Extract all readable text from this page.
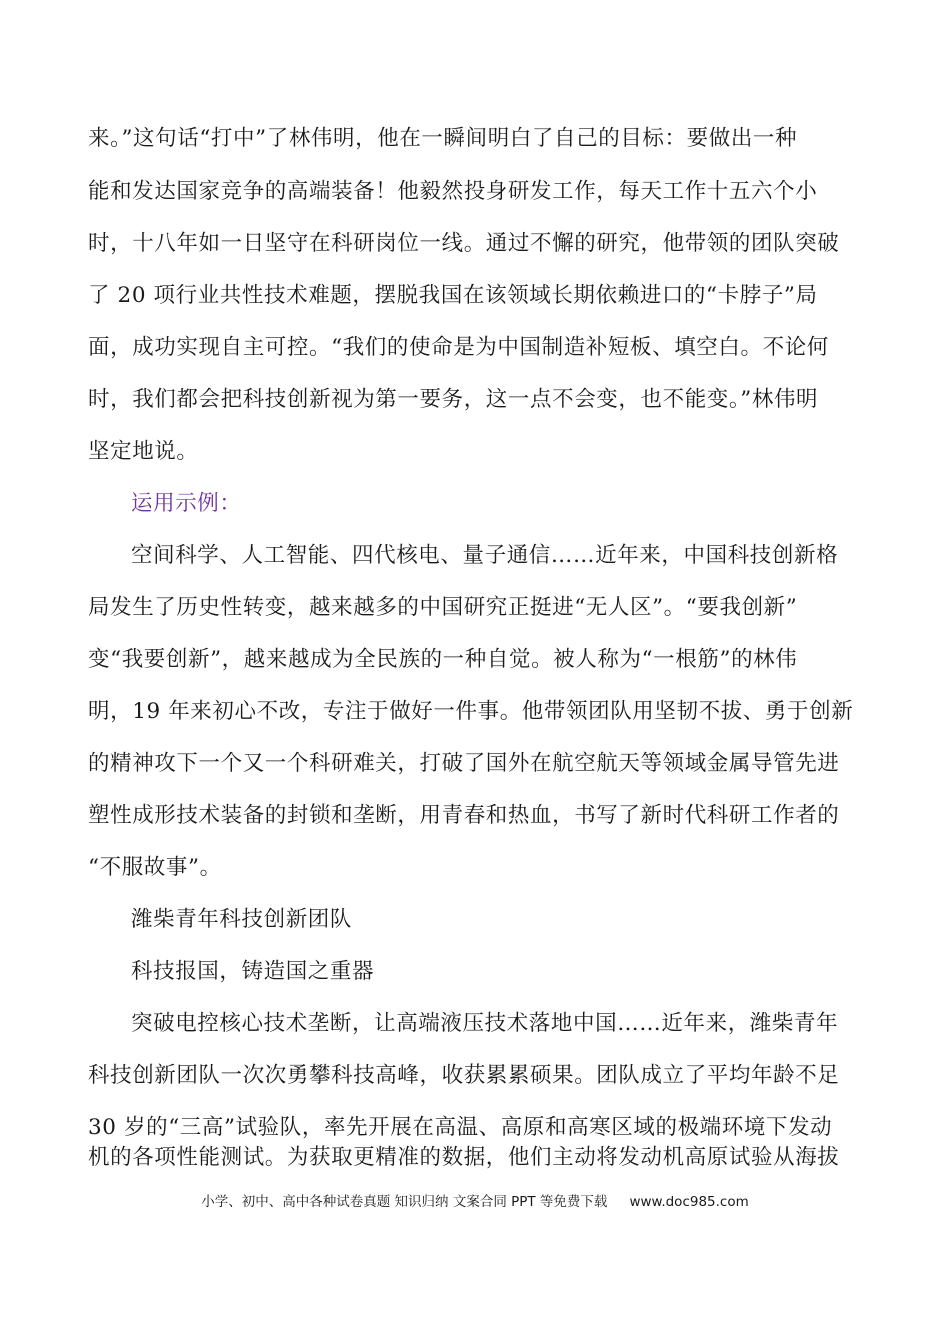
来。”这句话“打中”了林伟明，他在一瞬间明白了自己的目标：要做出一种
能和发达国家竞争的高端装备！他毅然投身研发工作，每天工作十五六个小
时，十八年如一日坚守在科研岗位一线。通过不懈的研究，他带领的团队突破
了 20 项行业共性技术难题，摆脱我国在该领域长期依赖进口的“卡脖子”局
面，成功实现自主可控。“我们的使命是为中国制造补短板、填空白。不论何
时，我们都会把科技创新视为第一要务，这一点不会变，也不能变。”林伟明
坚定地说。
运用示例：
空间科学、人工智能、四代核电、量子通信……近年来，中国科技创新格
局发生了历史性转变，越来越多的中国研究正挺进“无人区”。“要我创新”
变“我要创新”，越来越成为全民族的一种自觉。被人称为“一根筋”的林伟
明，19 年来初心不改，专注于做好一件事。他带领团队用坚韧不拔、勇于创新
的精神攻下一个又一个科研难关，打破了国外在航空航天等领域金属导管先进
塑性成形技术装备的封锁和垄断，用青春和热血，书写了新时代科研工作者的
“不服故事”。
潍柴青年科技创新团队
科技报国，铸造国之重器
突破电控核心技术垄断，让高端液压技术落地中国……近年来，潍柴青年
科技创新团队一次次勇攀科技高峰，收获累累硕果。团队成立了平均年龄不足
30 岁的“三高”试验队，率先开展在高温、高原和高寒区域的极端环境下发动
机的各项性能测试。为获取更精准的数据，他们主动将发动机高原试验从海拔
小学、初中、高中各种试卷真题 知识归纳 文案合同 PPT 等免费下载 www.doc985.com
